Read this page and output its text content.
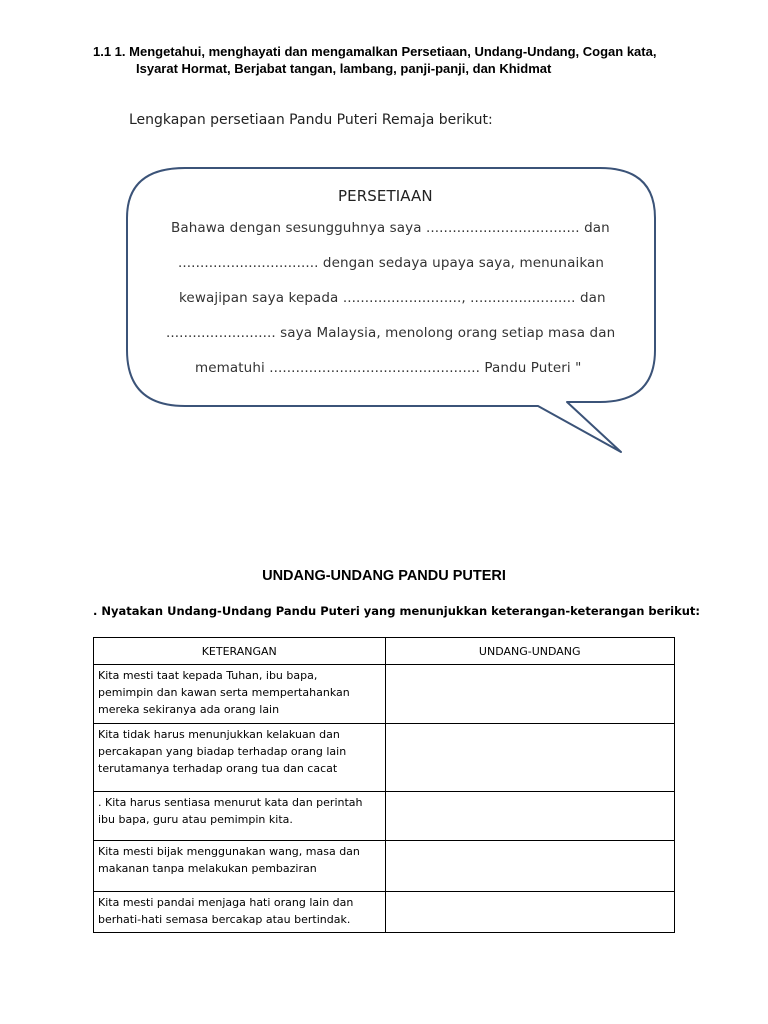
1.1 1. Mengetahui, menghayati dan mengamalkan Persetiaan, Undang-Undang, Cogan kata,
Isyarat Hormat, Berjabat tangan, lambang, panji-panji, dan Khidmat
Lengkapan persetiaan Pandu Puteri Remaja berikut:
PERSETIAAN
Bahawa dengan sesungguhnya saya ................................... dan
................................ dengan sedaya upaya saya, menunaikan
kewajipan saya kepada ..........................., ........................ dan
......................... saya Malaysia, menolong orang setiap masa dan
mematuhi ................................................ Pandu Puteri "
UNDANG-UNDANG PANDU PUTERI
. Nyatakan Undang-Undang Pandu Puteri yang menunjukkan keterangan-keterangan berikut:
KETERANGAN	UNDANG-UNDANG

Kita mesti taat kepada Tuhan, ibu bapa,
pemimpin dan kawan serta mempertahankan
mereka sekiranya ada orang lain	

Kita tidak harus menunjukkan kelakuan dan
percakapan yang biadap terhadap orang lain
terutamanya terhadap orang tua dan cacat	

. Kita harus sentiasa menurut kata dan perintah
ibu bapa, guru atau pemimpin kita.	

Kita mesti bijak menggunakan wang, masa dan
makanan tanpa melakukan pembaziran	

Kita mesti pandai menjaga hati orang lain dan
berhati-hati semasa bercakap atau bertindak.	
